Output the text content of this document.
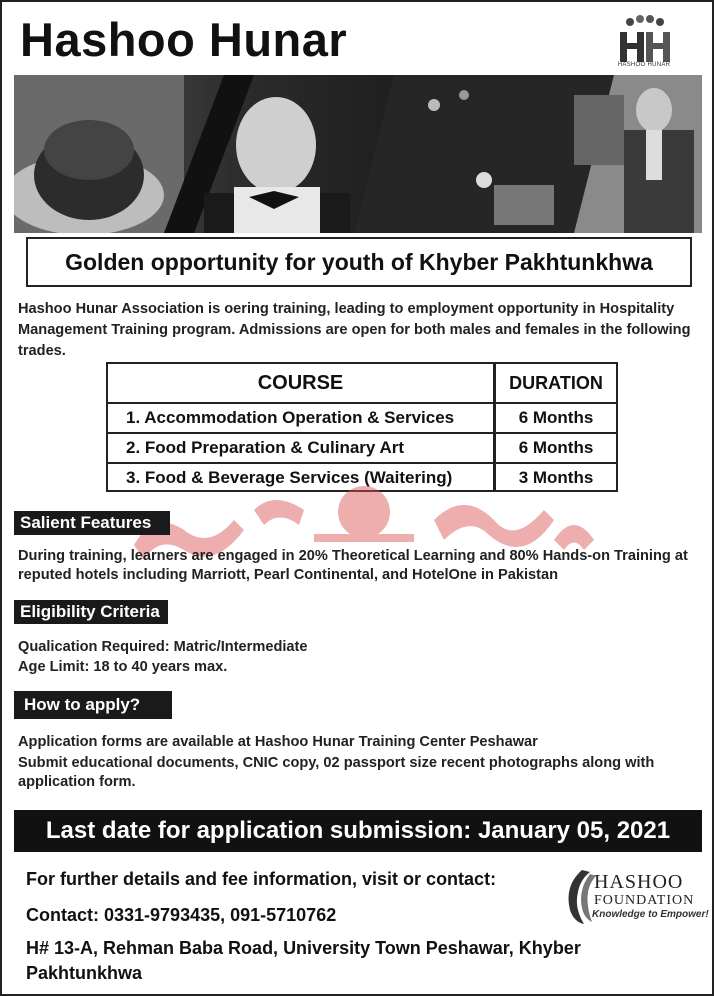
Hashoo Hunar	HASHOO HUNAR
Golden opportunity for youth of Khyber Pakhtunkhwa
Hashoo Hunar Association is oering training, leading to employment opportunity in Hospitality Management Training program. Admissions are open for both males and females in the following trades.
COURSE	DURATION
1. Accommodation Operation & Services	6 Months
2. Food Preparation & Culinary Art	6 Months
3. Food & Beverage Services (Waitering)	3 Months
Salient Features
During training, learners are engaged in 20% Theoretical Learning and 80% Hands-on Training at reputed hotels including Marriott, Pearl Continental, and HotelOne in Pakistan
Eligibility Criteria
Qualication Required: Matric/Intermediate
Age Limit: 18 to 40 years max.
How to apply?
Application forms are available at Hashoo Hunar Training Center Peshawar
Submit educational documents, CNIC copy, 02 passport size recent photographs along with application form.
Last date for application submission: January 05, 2021
For further details and fee information, visit or contact:
Contact: 0331-9793435, 091-5710762
H# 13-A, Rehman Baba Road, University Town Peshawar, Khyber Pakhtunkhwa
HASHOO
FOUNDATION
Knowledge to Empower!
